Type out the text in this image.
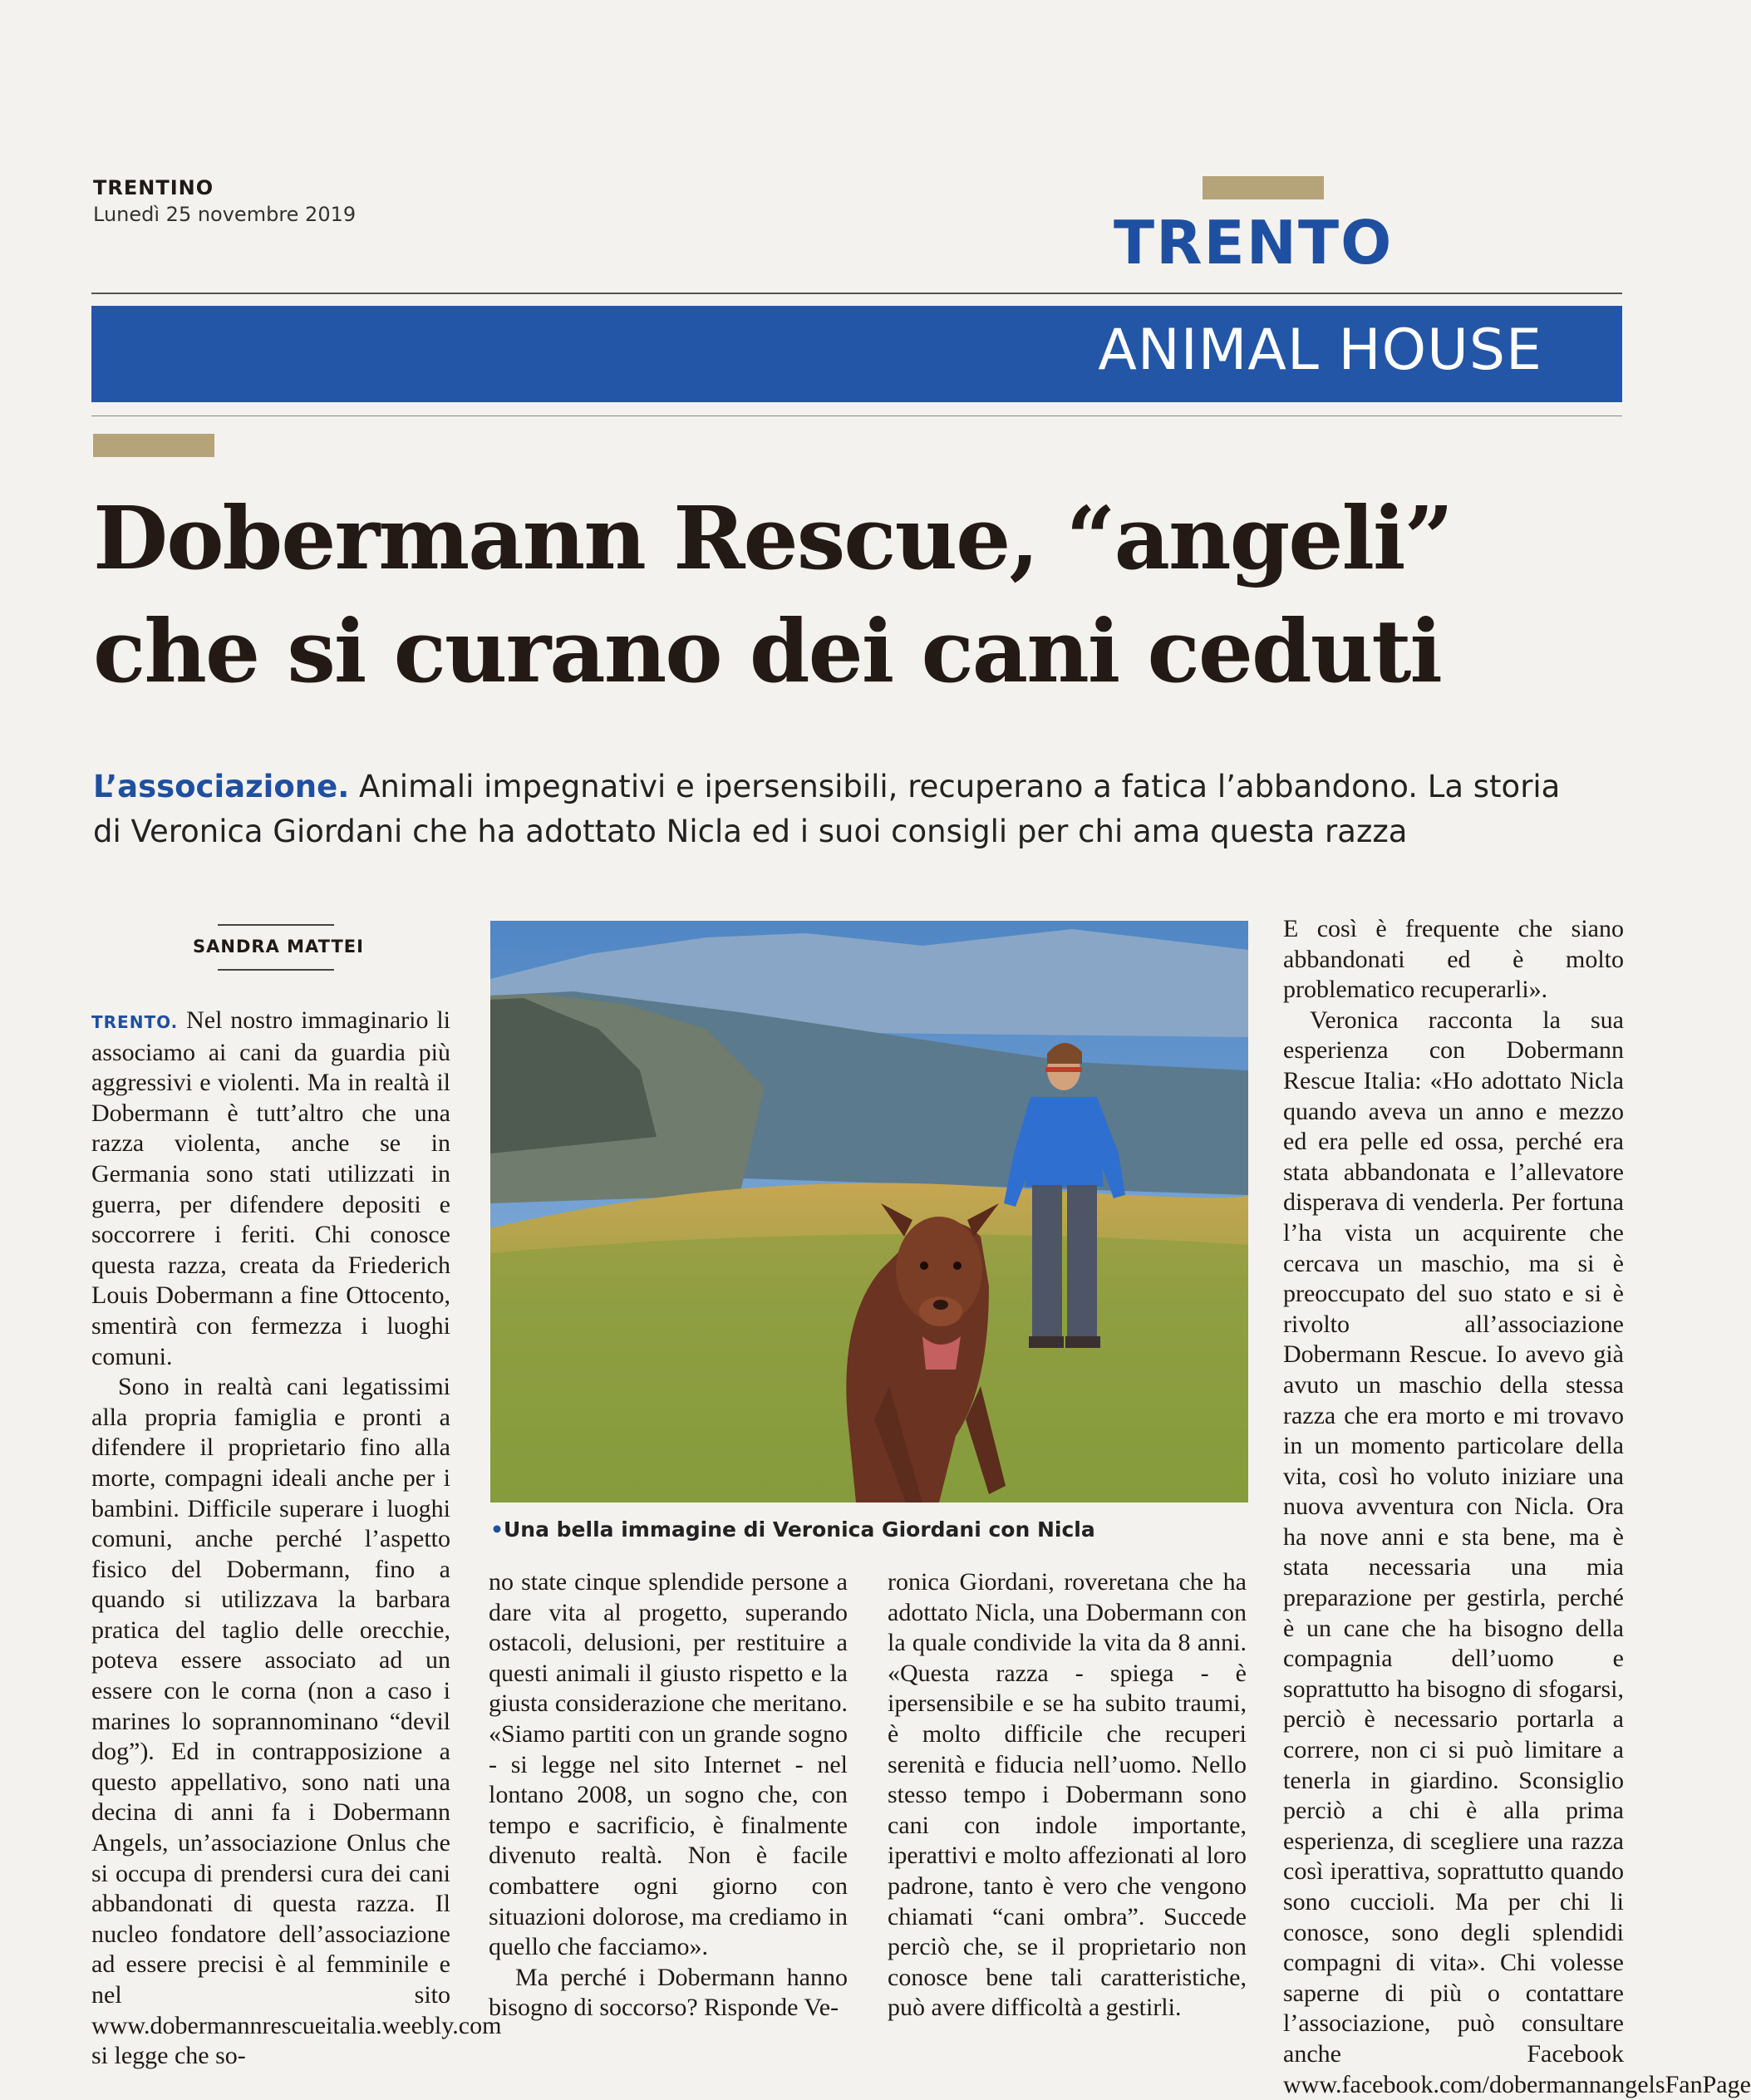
TRENTINO
Lunedì 25 novembre 2019	TRENTO
ANIMAL HOUSE
Dobermann Rescue, “angeli”
che si curano dei cani ceduti
L’associazione. Animali impegnativi e ipersensibili, recuperano a fatica l’abbandono. La storia
di Veronica Giordani che ha adottato Nicla ed i suoi consigli per chi ama questa razza
SANDRA MATTEI

TRENTO. Nel nostro immaginario li associamo ai cani da guardia più aggressivi e violenti. Ma in realtà il Dobermann è tutt’altro che una razza violenta, anche se in Germania sono stati utilizzati in guerra, per difendere depositi e soccorrere i feriti. Chi conosce questa razza, creata da Friederich Louis Dobermann a fine Ottocento, smentirà con fermezza i luoghi comuni.

Sono in realtà cani legatissimi alla propria famiglia e pronti a difendere il proprietario fino alla morte, compagni ideali anche per i bambini. Difficile superare i luoghi comuni, anche perché l’aspetto fisico del Dobermann, fino a quando si utilizzava la barbara pratica del taglio delle orecchie, poteva essere associato ad un essere con le corna (non a caso i marines lo soprannominano “devil dog”). Ed in contrapposizione a questo appellativo, sono nati una decina di anni fa i Dobermann Angels, un’associazione Onlus che si occupa di prendersi cura dei cani abbandonati di questa razza. Il nucleo fondatore dell’associazione ad essere precisi è al femminile e nel sito www.dobermannrescueitalia.weebly.com si legge che so-

•Una bella immagine di Veronica Giordani con Nicla

no state cinque splendide persone a dare vita al progetto, superando ostacoli, delusioni, per restituire a questi animali il giusto rispetto e la giusta considerazione che meritano. «Siamo partiti con un grande sogno - si legge nel sito Internet - nel lontano 2008, un sogno che, con tempo e sacrificio, è finalmente divenuto realtà. Non è facile combattere ogni giorno con situazioni dolorose, ma crediamo in quello che facciamo».

Ma perché i Dobermann hanno bisogno di soccorso? Risponde Ve-

ronica Giordani, roveretana che ha adottato Nicla, una Dobermann con la quale condivide la vita da 8 anni. «Questa razza - spiega - è ipersensibile e se ha subito traumi, è molto difficile che recuperi serenità e fiducia nell’uomo. Nello stesso tempo i Dobermann sono cani con indole importante, iperattivi e molto affezionati al loro padrone, tanto è vero che vengono chiamati “cani ombra”. Succede perciò che, se il proprietario non conosce bene tali caratteristiche, può avere difficoltà a gestirli.

E così è frequente che siano abbandonati ed è molto problematico recuperarli».

Veronica racconta la sua esperienza con Dobermann Rescue Italia: «Ho adottato Nicla quando aveva un anno e mezzo ed era pelle ed ossa, perché era stata abbandonata e l’allevatore disperava di venderla. Per fortuna l’ha vista un acquirente che cercava un maschio, ma si è preoccupato del suo stato e si è rivolto all’associazione Dobermann Rescue. Io avevo già avuto un maschio della stessa razza che era morto e mi trovavo in un momento particolare della vita, così ho voluto iniziare una nuova avventura con Nicla. Ora ha nove anni e sta bene, ma è stata necessaria una mia preparazione per gestirla, perché è un cane che ha bisogno della compagnia dell’uomo e soprattutto ha bisogno di sfogarsi, perciò è necessario portarla a correre, non ci si può limitare a tenerla in giardino. Sconsiglio perciò a chi è alla prima esperienza, di scegliere una razza così iperattiva, soprattutto quando sono cuccioli. Ma per chi li conosce, sono degli splendidi compagni di vita». Chi volesse saperne di più o contattare l’associazione, può consultare anche Facebook www.facebook.com/dobermannangelsFanPage
